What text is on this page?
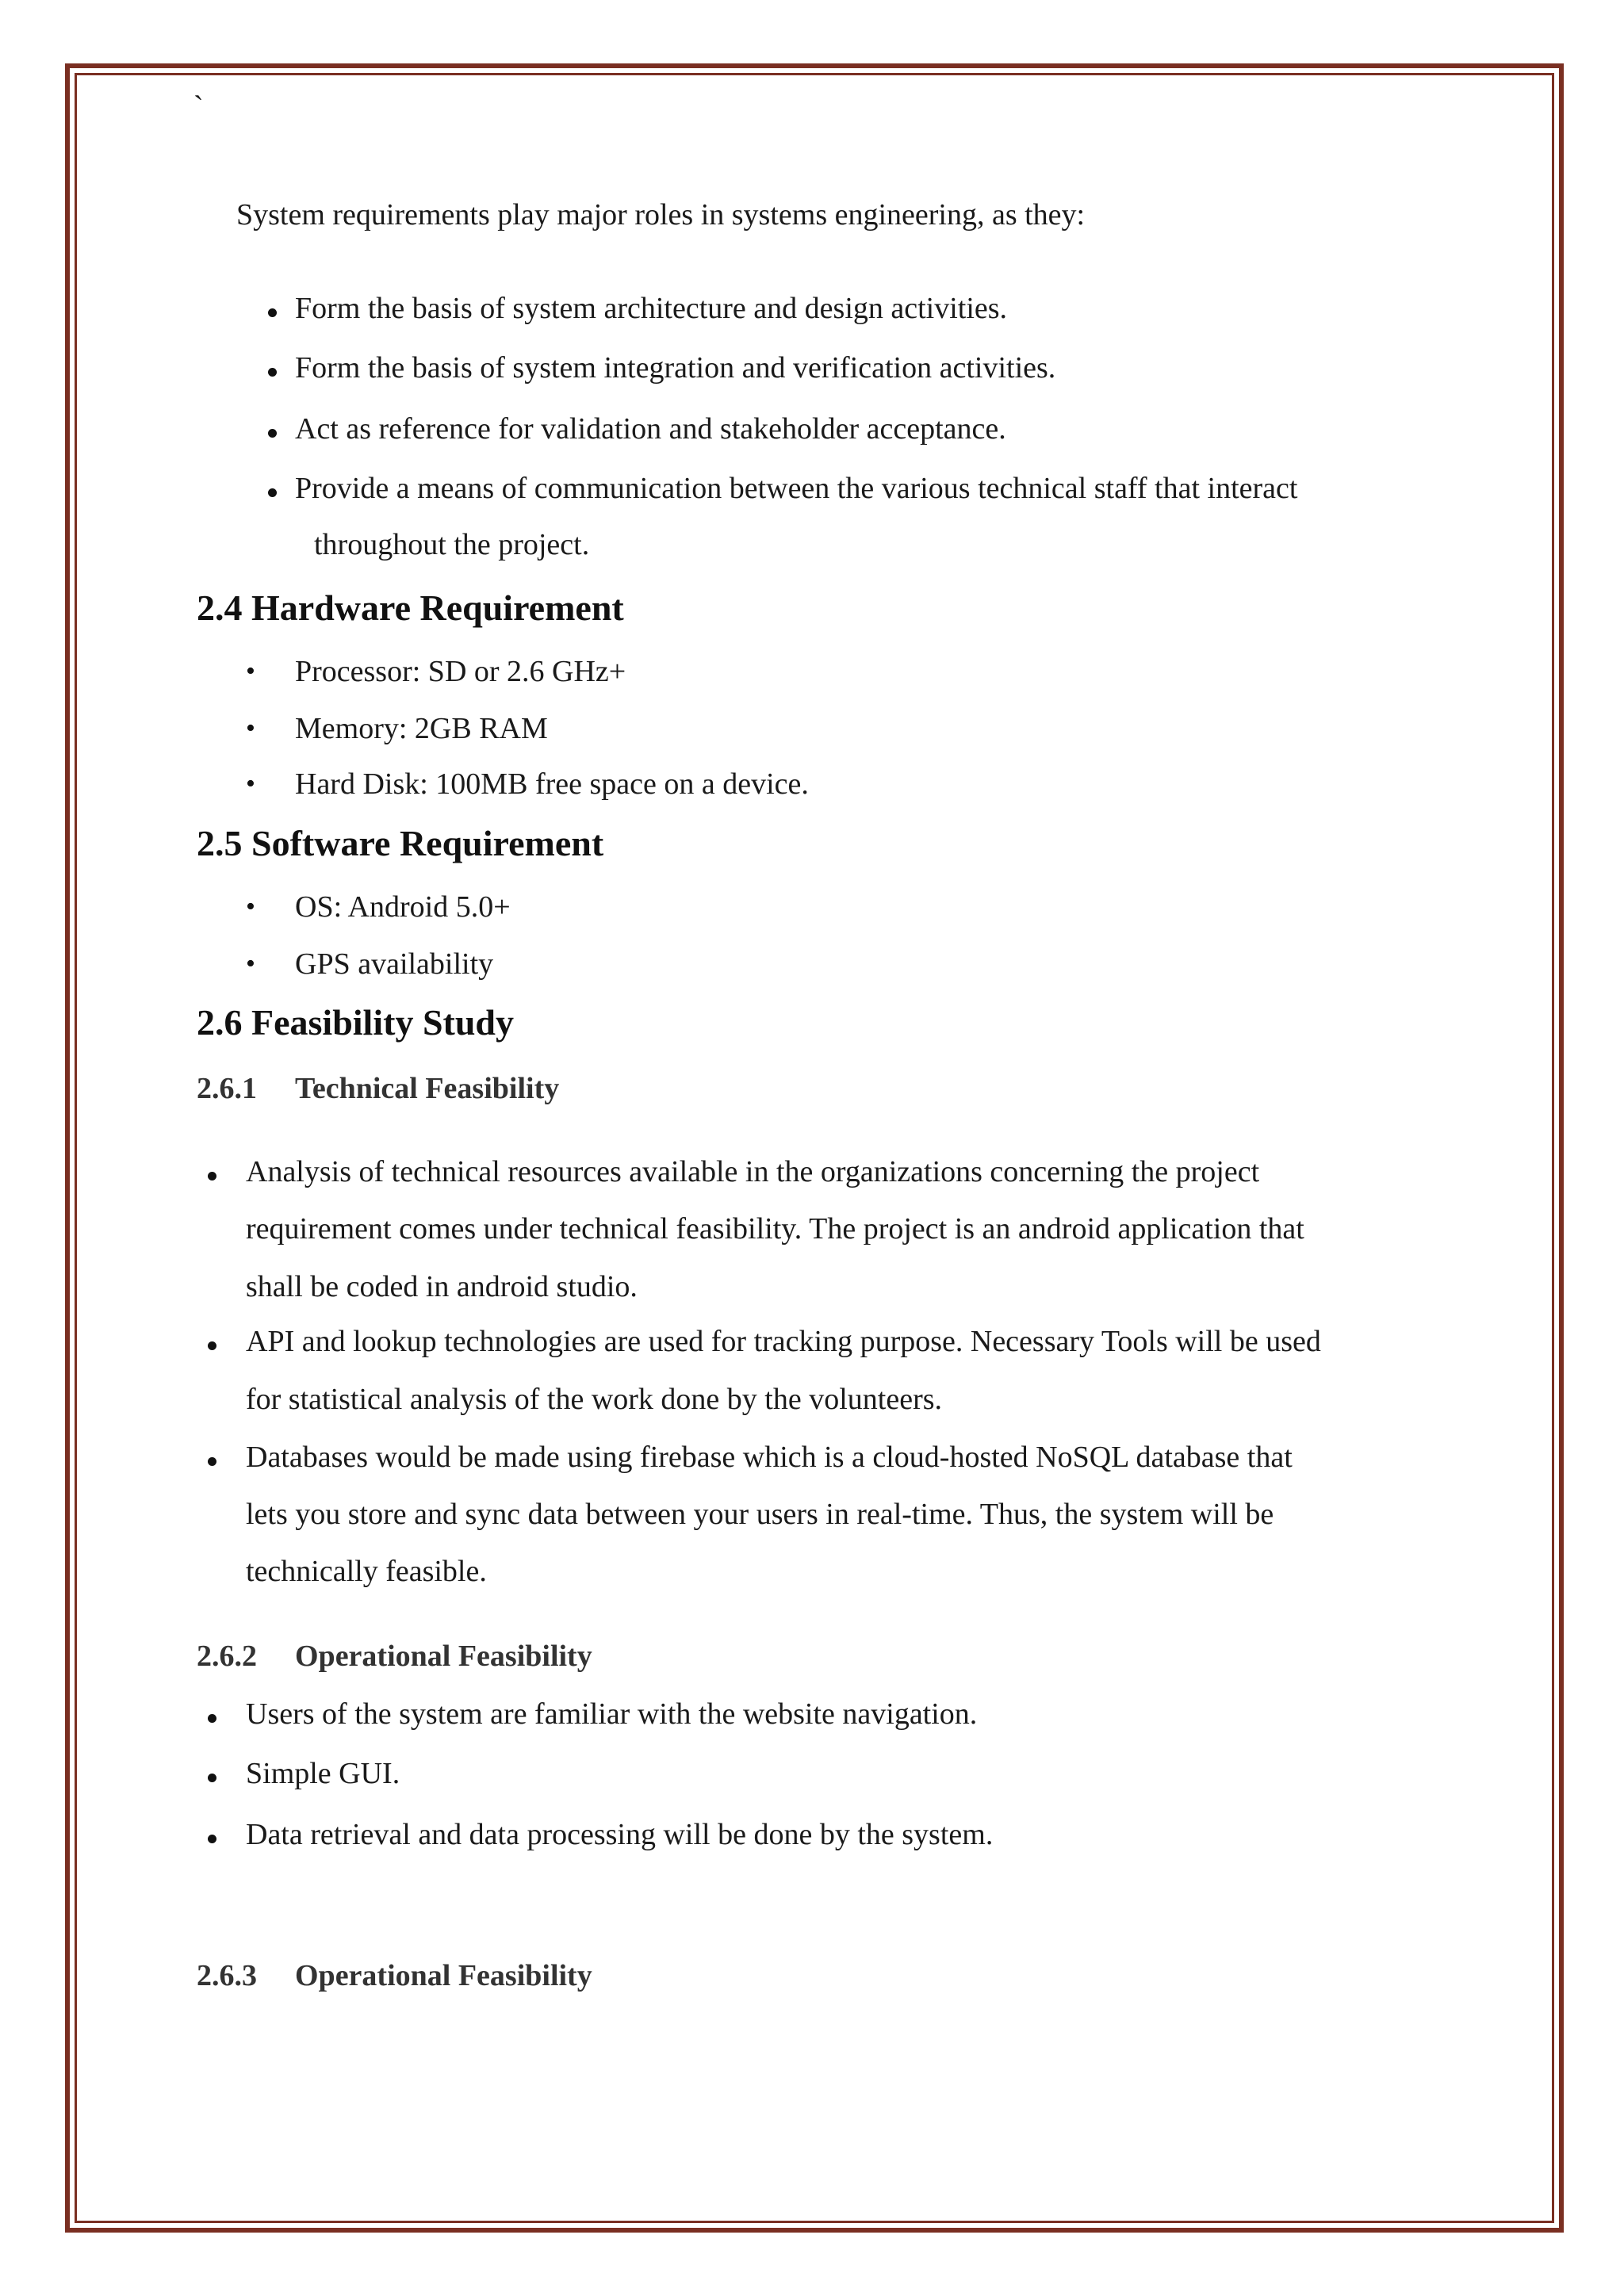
`
System requirements play major roles in systems engineering, as they:
Form the basis of system architecture and design activities.
Form the basis of system integration and verification activities.
Act as reference for validation and stakeholder acceptance.
Provide a means of communication between the various technical staff that interact
throughout the project.
2.4 Hardware Requirement
• Processor: SD or 2.6 GHz+
• Memory: 2GB RAM
• Hard Disk: 100MB free space on a device.
2.5 Software Requirement
• OS: Android 5.0+
• GPS availability
2.6 Feasibility Study
2.6.1 Technical Feasibility
Analysis of technical resources available in the organizations concerning the project
requirement comes under technical feasibility. The project is an android application that
shall be coded in android studio.
API and lookup technologies are used for tracking purpose. Necessary Tools will be used
for statistical analysis of the work done by the volunteers.
Databases would be made using firebase which is a cloud-hosted NoSQL database that
lets you store and sync data between your users in real-time. Thus, the system will be
technically feasible.
2.6.2 Operational Feasibility
Users of the system are familiar with the website navigation.
Simple GUI.
Data retrieval and data processing will be done by the system.
2.6.3 Operational Feasibility
